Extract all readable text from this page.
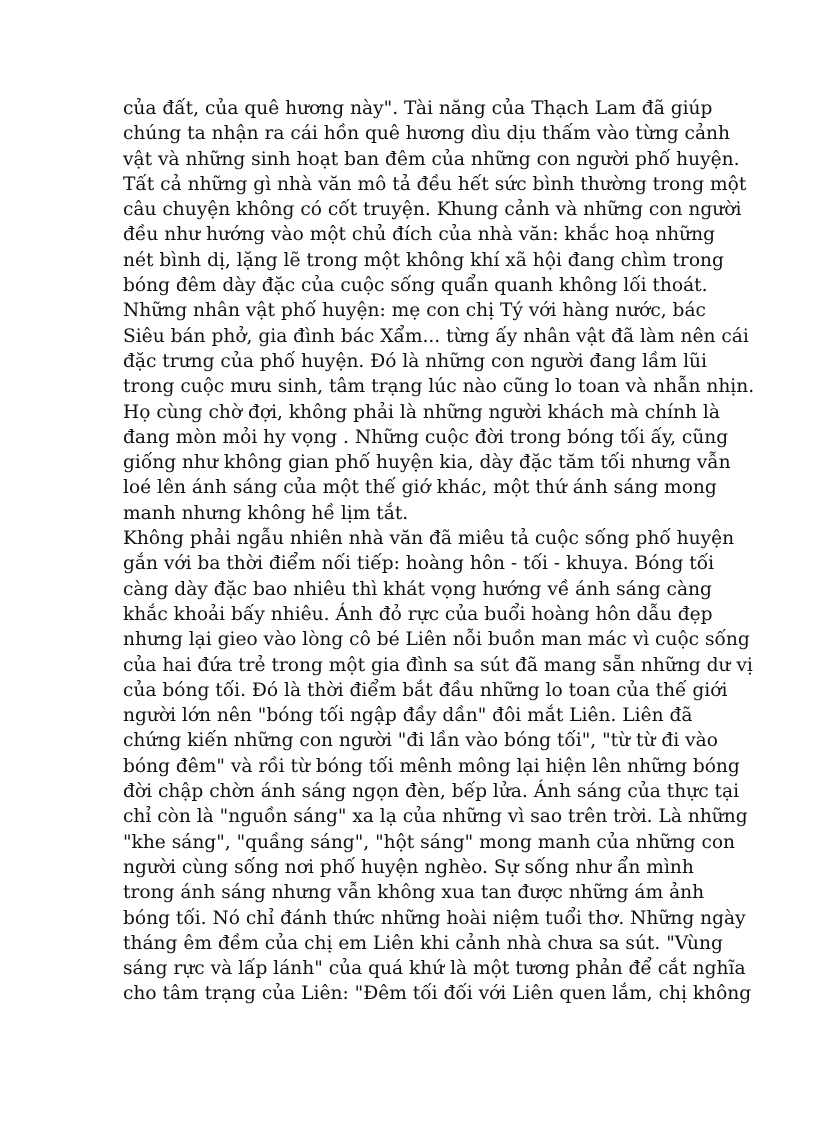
của đất, của quê hương này". Tài năng của Thạch Lam đã giúp
chúng ta nhận ra cái hồn quê hương dìu dịu thấm vào từng cảnh
vật và những sinh hoạt ban đêm của những con người phố huyện.
Tất cả những gì nhà văn mô tả đều hết sức bình thường trong một
câu chuyện không có cốt truyện. Khung cảnh và những con người
đều như hướng vào một chủ đích của nhà văn: khắc hoạ những
nét bình dị, lặng lẽ trong một không khí xã hội đang chìm trong
bóng đêm dày đặc của cuộc sống quẩn quanh không lối thoát.
Những nhân vật phố huyện: mẹ con chị Tý với hàng nước, bác
Siêu bán phở, gia đình bác Xẩm... từng ấy nhân vật đã làm nên cái
đặc trưng của phố huyện. Đó là những con người đang lầm lũi
trong cuộc mưu sinh, tâm trạng lúc nào cũng lo toan và nhẫn nhịn.
Họ cùng chờ đợi, không phải là những người khách mà chính là
đang mòn mỏi hy vọng . Những cuộc đời trong bóng tối ấy, cũng
giống như không gian phố huyện kia, dày đặc tăm tối nhưng vẫn
loé lên ánh sáng của một thế giớ khác, một thứ ánh sáng mong
manh nhưng không hề lịm tắt.
Không phải ngẫu nhiên nhà văn đã miêu tả cuộc sống phố huyện
gắn với ba thời điểm nối tiếp: hoàng hôn - tối - khuya. Bóng tối
càng dày đặc bao nhiêu thì khát vọng hướng về ánh sáng càng
khắc khoải bấy nhiêu. Ánh đỏ rực của buổi hoàng hôn dẫu đẹp
nhưng lại gieo vào lòng cô bé Liên nỗi buồn man mác vì cuộc sống
của hai đứa trẻ trong một gia đình sa sút đã mang sẵn những dư vị
của bóng tối. Đó là thời điểm bắt đầu những lo toan của thế giới
người lớn nên "bóng tối ngập đầy dần" đôi mắt Liên. Liên đã
chứng kiến những con người "đi lần vào bóng tối", "từ từ đi vào
bóng đêm" và rồi từ bóng tối mênh mông lại hiện lên những bóng
đời chập chờn ánh sáng ngọn đèn, bếp lửa. Ánh sáng của thực tại
chỉ còn là "nguồn sáng" xa lạ của những vì sao trên trời. Là những
"khe sáng", "quầng sáng", "hột sáng" mong manh của những con
người cùng sống nơi phố huyện nghèo. Sự sống như ẩn mình
trong ánh sáng nhưng vẫn không xua tan được những ám ảnh
bóng tối. Nó chỉ đánh thức những hoài niệm tuổi thơ. Những ngày
tháng êm đềm của chị em Liên khi cảnh nhà chưa sa sút. "Vùng
sáng rực và lấp lánh" của quá khứ là một tương phản để cắt nghĩa
cho tâm trạng của Liên: "Đêm tối đối với Liên quen lắm, chị không
